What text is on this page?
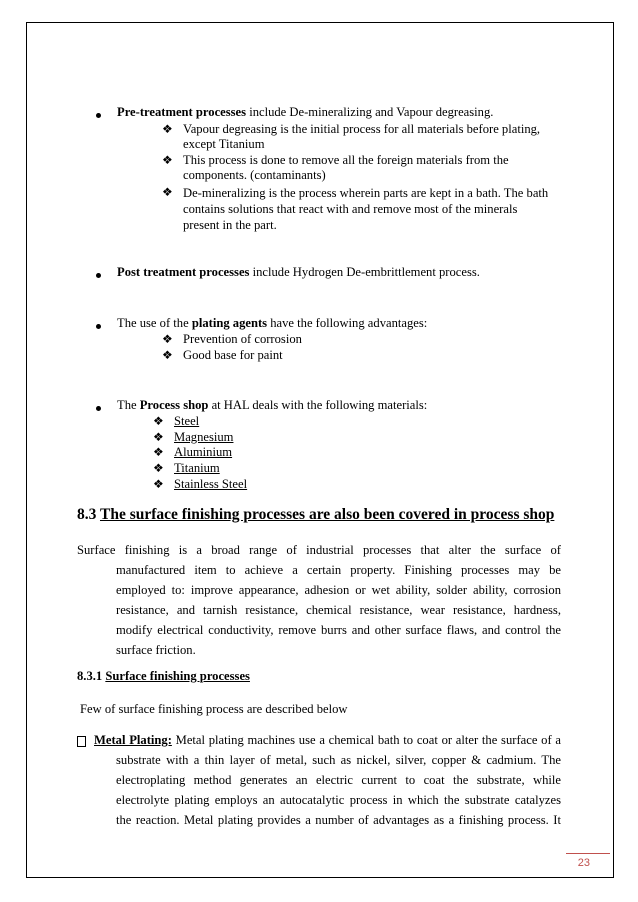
Pre-treatment processes include De-mineralizing and Vapour degreasing.
❖ Vapour degreasing is the initial process for all materials before plating,
except Titanium
❖ This process is done to remove all the foreign materials from the
components. (contaminants)
❖ De-mineralizing is the process wherein parts are kept in a bath. The bath
contains solutions that react with and remove most of the minerals
present in the part.
Post treatment processes include Hydrogen De-embrittlement process.
The use of the plating agents have the following advantages:
❖ Prevention of corrosion
❖ Good base for paint
The Process shop at HAL deals with the following materials:
❖ Steel
❖ Magnesium
❖ Aluminium
❖ Titanium
❖ Stainless Steel
8.3 The surface finishing processes are also been covered in process shop
Surface finishing is a broad range of industrial processes that alter the surface of
manufactured item to achieve a certain property. Finishing processes may be
employed to: improve appearance, adhesion or wet ability, solder ability, corrosion
resistance, and tarnish resistance, chemical resistance, wear resistance, hardness,
modify electrical conductivity, remove burrs and other surface flaws, and control the
surface friction.
8.3.1 Surface finishing processes
Few of surface finishing process are described below
Metal Plating: Metal plating machines use a chemical bath to coat or alter the surface of a
substrate with a thin layer of metal, such as nickel, silver, copper & cadmium. The
electroplating method generates an electric current to coat the substrate, while
electrolyte plating employs an autocatalytic process in which the substrate catalyzes
the reaction. Metal plating provides a number of advantages as a finishing process. It
23
